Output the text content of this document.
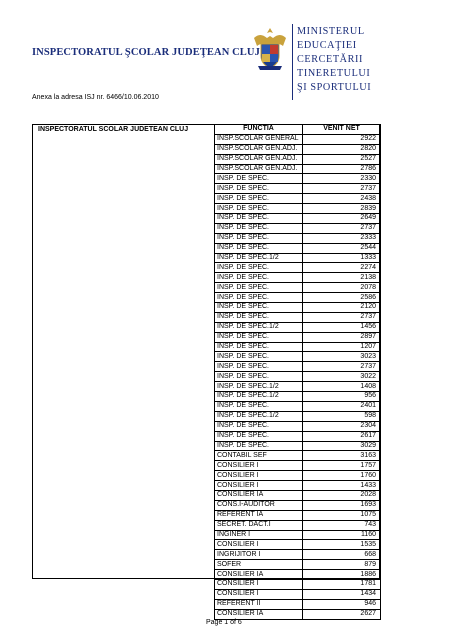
INSPECTORATUL ŞCOLAR JUDEŢEAN CLUJ
MINISTERUL
EDUCAŢIEI
CERCETĂRII
TINERETULUI
ŞI SPORTULUI
Anexa la adresa ISJ nr. 6466/10.06.2010
INSPECTORATUL SCOLAR JUDETEAN CLUJ	FUNCTIA	VENIT NET
INSP.SCOLAR GENERAL	2922
INSP.SCOLAR GEN.ADJ.	2820
INSP.SCOLAR GEN.ADJ.	2527
INSP.SCOLAR GEN.ADJ.	2786
INSP. DE SPEC.	2330
INSP. DE SPEC.	2737
INSP. DE SPEC.	2438
INSP. DE SPEC.	2839
INSP. DE SPEC.	2649
INSP. DE SPEC.	2737
INSP. DE SPEC.	2333
INSP. DE SPEC.	2544
INSP. DE SPEC.1/2	1333
INSP. DE SPEC.	2274
INSP. DE SPEC.	2138
INSP. DE SPEC.	2078
INSP. DE SPEC.	2586
INSP. DE SPEC.	2120
INSP. DE SPEC.	2737
INSP. DE SPEC.1/2	1456
INSP. DE SPEC.	2897
INSP. DE SPEC.	1207
INSP. DE SPEC.	3023
INSP. DE SPEC.	2737
INSP. DE SPEC.	3022
INSP. DE SPEC.1/2	1408
INSP. DE SPEC.1/2	956
INSP. DE SPEC.	2401
INSP. DE SPEC.1/2	598
INSP. DE SPEC.	2304
INSP. DE SPEC.	2617
INSP. DE SPEC.	3029
CONTABIL SEF	3163
CONSILIER I	1757
CONSILIER I	1760
CONSILIER I	1433
CONSILIER IA	2028
CONS.I-AUDITOR	1693
REFERENT IA	1075
SECRET. DACT.I	743
INGINER I	1160
CONSILIER I	1535
INGRIJITOR I	668
SOFER	879
CONSILIER IA	1886
CONSILIER I	1781
CONSILIER I	1434
REFERENT II	946
CONSILIER IA	2627
Page 1 of 6
